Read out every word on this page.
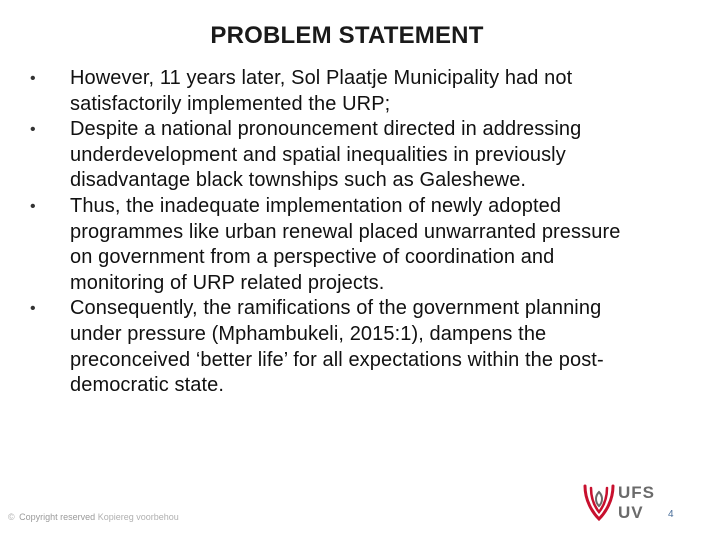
PROBLEM STATEMENT
• However, 11 years later, Sol Plaatje Municipality had not
satisfactorily implemented the URP;
• Despite a national pronouncement directed in addressing
underdevelopment and spatial inequalities in previously
disadvantage black townships such as Galeshewe.
• Thus, the inadequate implementation of newly adopted
programmes like urban renewal placed unwarranted pressure
on government from a perspective of coordination and
monitoring of URP related projects.
• Consequently, the ramifications of the government planning
under pressure (Mphambukeli, 2015:1), dampens the
preconceived ‘better life’ for all expectations within the post-
democratic state.
© Copyright reserved Kopiereg voorbehou
UFS
UV 4
